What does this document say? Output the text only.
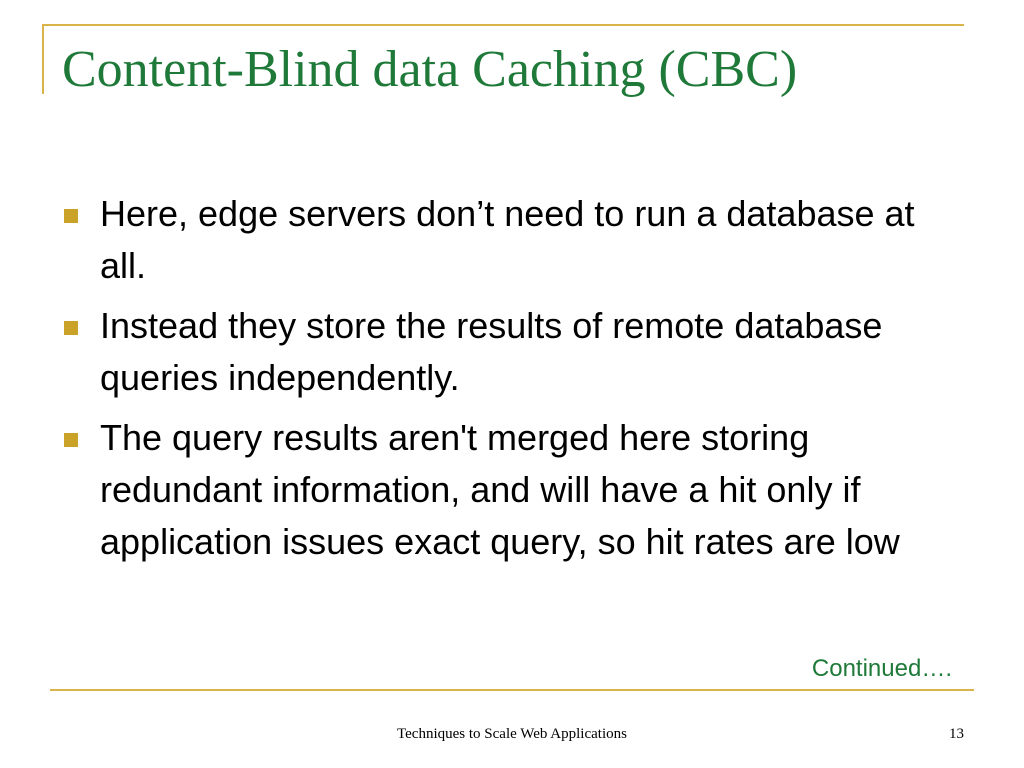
Content-Blind data Caching (CBC)
Here, edge servers don’t need to run a database at all.
Instead they store the results of remote database queries independently.
The query results aren't merged here storing redundant information, and will have a hit only if application issues exact query, so hit rates are low
Continued….
Techniques to Scale Web Applications	13
